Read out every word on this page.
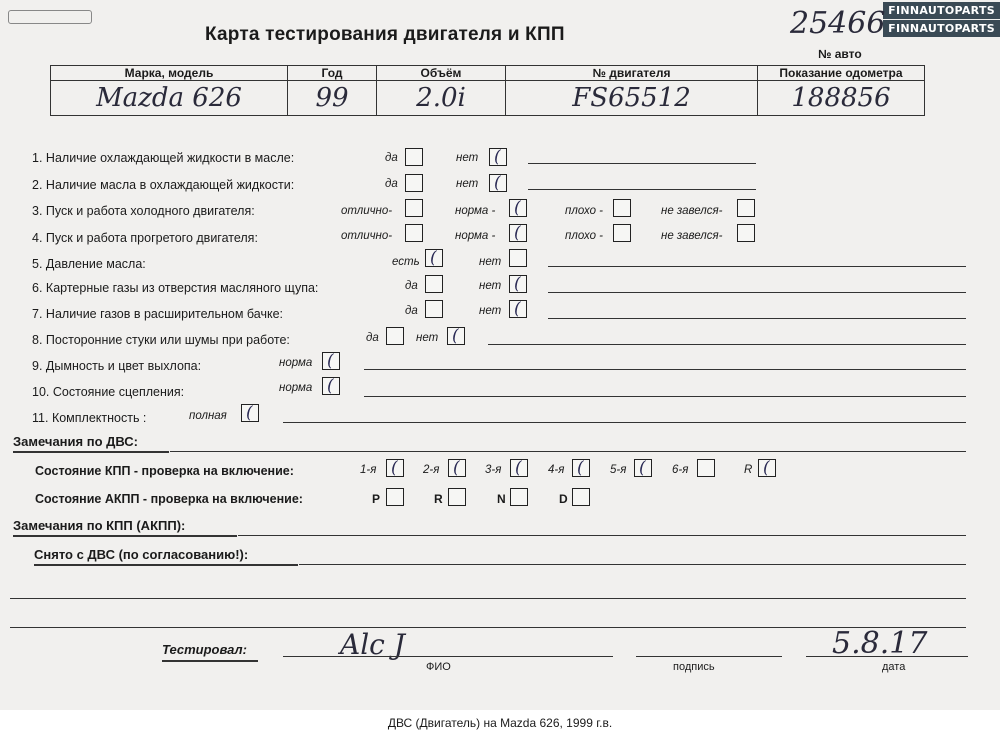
Карта тестирования двигателя и КПП
FINNAUTOPARTS
FINNAUTOPARTS
25466
№ авто
Марка, модель	Год	Объём	№ двигателя	Показание одометра
Mazda 626	99	2.0i	FS65512	188856
1. Наличие охлаждающей жидкости в масле:	да	нет (
2. Наличие масла в охлаждающей жидкости:	да	нет (
3. Пуск и работа холодного двигателя:	отлично-	норма - (	плохо -	не завелся-
4. Пуск и работа прогретого двигателя:	отлично-	норма - (	плохо -	не завелся-
5. Давление масла:	есть (	нет
6. Картерные газы из отверстия масляного щупа:	да	нет (
7. Наличие газов в расширительном бачке:	да	нет (
8. Посторонние стуки или шумы при работе:	да	нет (
9. Дымность и цвет выхлопа:	норма (
10. Состояние сцепления:	норма (
11. Комплектность :	полная (
Замечания по ДВС:
Состояние КПП - проверка на включение:	1-я ( 2-я ( 3-я ( 4-я ( 5-я ( 6-я	R (
Состояние АКПП - проверка на включение:	P	R	N	D
Замечания по КПП (АКПП):
Снято с ДВС (по согласованию!):
Тестировал:	Alc J	5.8.17
ФИО	подпись	дата
ДВС (Двигатель) на Mazda 626, 1999 г.в.
